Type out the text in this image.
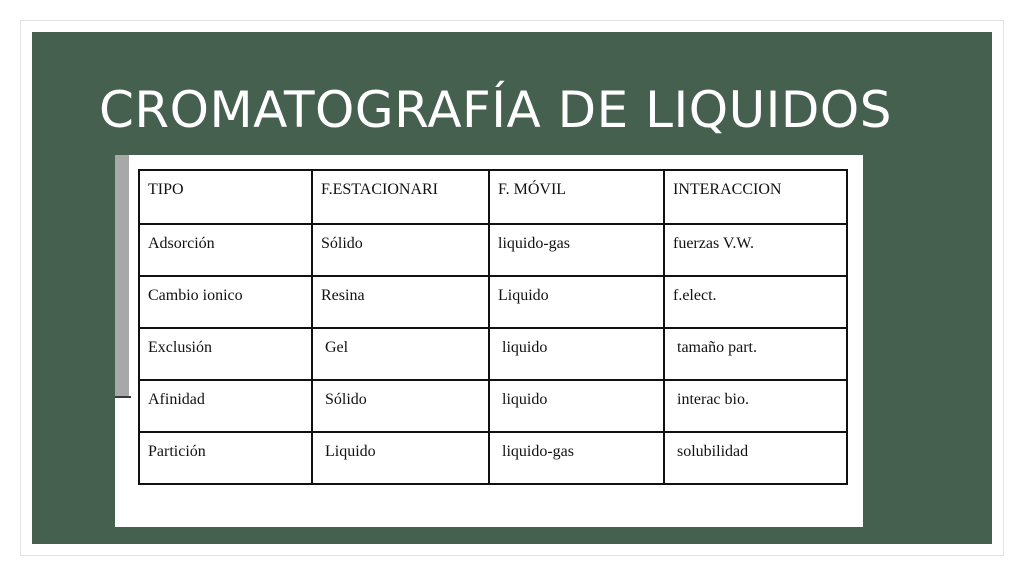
CROMATOGRAFÍA DE LIQUIDOS
TIPO	F.ESTACIONARI	F. MÓVIL	INTERACCION
Adsorción	Sólido	liquido-gas	fuerzas V.W.
Cambio ionico	Resina	Liquido	f.elect.
Exclusión	Gel	liquido	tamaño part.
Afinidad	Sólido	liquido	interac bio.
Partición	Liquido	liquido-gas	solubilidad
